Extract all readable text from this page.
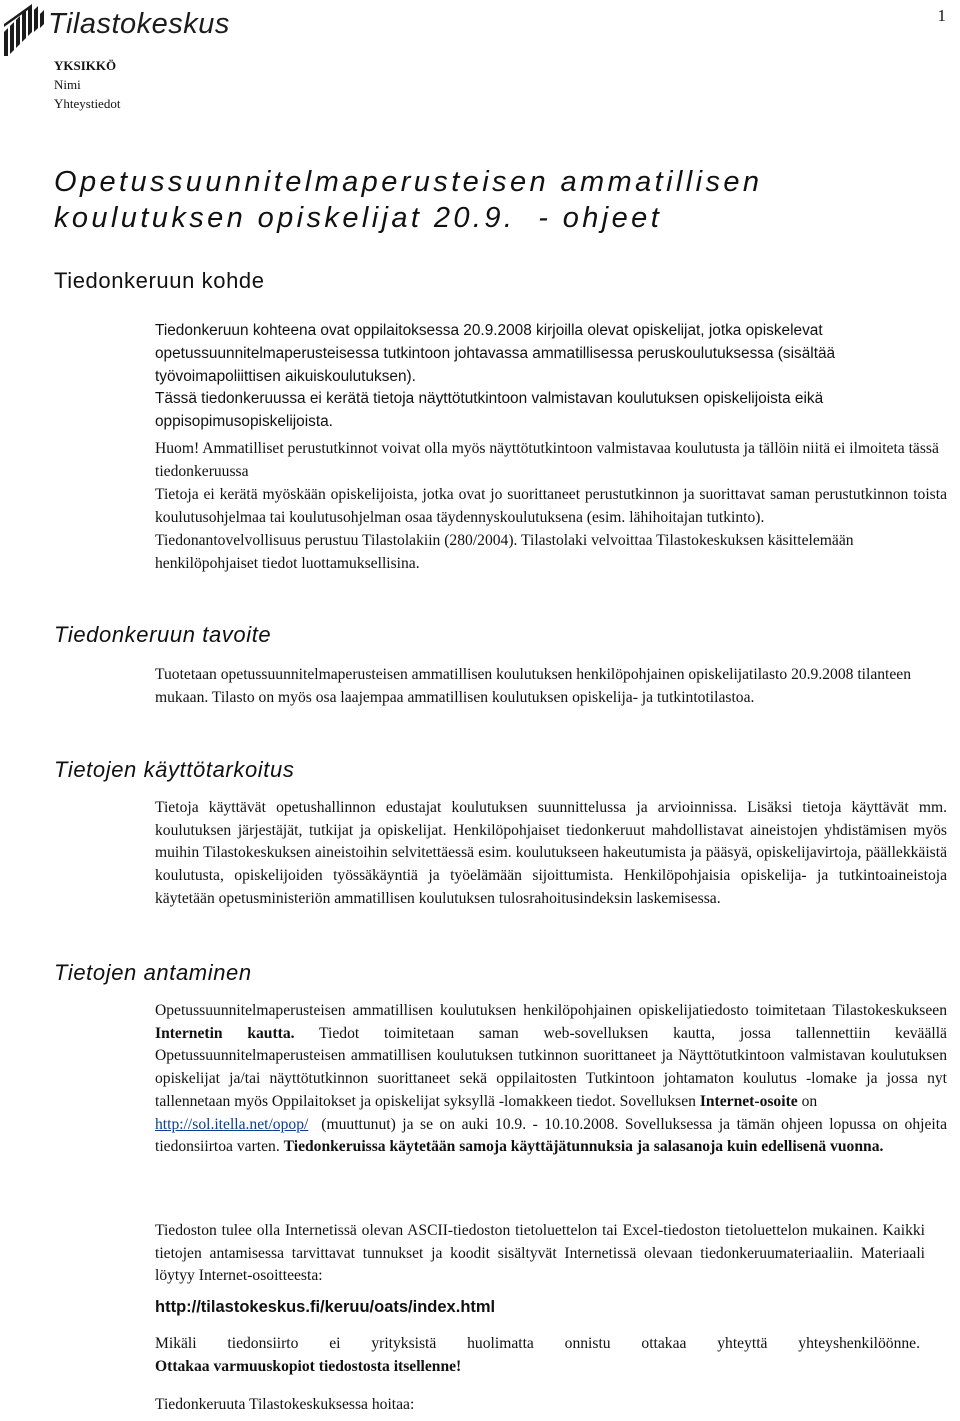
Tilastokeskus	1
YKSIKKÖ
Nimi
Yhteystiedot
Opetussuunnitelmaperusteisen ammatillisen
koulutuksen opiskelijat 20.9.  - ohjeet
Tiedonkeruun kohde

Tiedonkeruun kohteena ovat oppilaitoksessa 20.9.2008 kirjoilla olevat opiskelijat, jotka opiskelevat opetussuunnitelmaperusteisessa tutkintoon johtavassa ammatillisessa peruskoulutuksessa (sisältää työvoimapoliittisen aikuiskoulutuksen).

Tässä tiedonkeruussa ei kerätä tietoja näyttötutkintoon valmistavan koulutuksen opiskelijoista eikä oppisopimusopiskelijoista.

Huom! Ammatilliset perustutkinnot voivat olla myös näyttötutkintoon valmistavaa koulutusta ja tällöin niitä ei ilmoiteta tässä tiedonkeruussa

Tietoja ei kerätä myöskään opiskelijoista, jotka ovat jo suorittaneet perustutkinnon ja suorittavat saman perustutkinnon toista koulutusohjelmaa tai koulutusohjelman osaa täydennyskoulutuksena (esim. lähihoitajan tutkinto).

Tiedonantovelvollisuus perustuu Tilastolakiin (280/2004). Tilastolaki velvoittaa Tilastokeskuksen käsittelemään henkilöpohjaiset tiedot luottamuksellisina.

Tiedonkeruun tavoite

Tuotetaan opetussuunnitelmaperusteisen ammatillisen koulutuksen henkilöpohjainen opiskelijatilasto 20.9.2008 tilanteen mukaan. Tilasto on myös osa laajempaa ammatillisen koulutuksen opiskelija- ja tutkintotilastoa.

Tietojen käyttötarkoitus

Tietoja käyttävät opetushallinnon edustajat koulutuksen suunnittelussa ja arvioinnissa. Lisäksi tietoja käyttävät mm. koulutuksen järjestäjät, tutkijat ja opiskelijat. Henkilöpohjaiset tiedonkeruut mahdollistavat aineistojen yhdistämisen myös muihin Tilastokeskuksen aineistoihin selvitettäessä esim. koulutukseen hakeutumista ja pääsyä, opiskelijavirtoja, päällekkäistä koulutusta, opiskelijoiden työssäkäyntiä ja työelämään sijoittumista. Henkilöpohjaisia opiskelija- ja tutkintoaineistoja käytetään opetusministeriön ammatillisen koulutuksen tulosrahoitusindeksin laskemisessa.

Tietojen antaminen

Opetussuunnitelmaperusteisen ammatillisen koulutuksen henkilöpohjainen opiskelijatiedosto toimitetaan Tilastokeskukseen Internetin kautta. Tiedot toimitetaan saman web-sovelluksen kautta, jossa tallennettiin keväällä Opetussuunnitelmaperusteisen ammatillisen koulutuksen tutkinnon suorittaneet ja Näyttötutkintoon valmistavan koulutuksen opiskelijat ja/tai näyttötutkinnon suorittaneet sekä oppilaitosten Tutkintoon johtamaton koulutus -lomake ja jossa nyt tallennetaan myös Oppilaitokset ja opiskelijat syksyllä -lomakkeen tiedot. Sovelluksen Internet-osoite on
http://sol.itella.net/opop/  (muuttunut) ja se on auki 10.9. - 10.10.2008. Sovelluksessa ja tämän ohjeen lopussa on ohjeita tiedonsiirtoa varten. Tiedonkeruissa käytetään samoja käyttäjätunnuksia ja salasanoja kuin edellisenä vuonna.

Tiedoston tulee olla Internetissä olevan ASCII-tiedoston tietoluettelon tai Excel-tiedoston tietoluettelon mukainen. Kaikki tietojen antamisessa tarvittavat tunnukset ja koodit sisältyvät Internetissä olevaan tiedonkeruumateriaaliin. Materiaali löytyy Internet-osoitteesta:

http://tilastokeskus.fi/keruu/oats/index.html

Mikäli tiedonsiirto ei yrityksistä huolimatta onnistu ottakaa yhteyttä yhteyshenkilöönne.

Ottakaa varmuuskopiot tiedostosta itsellenne!

Tiedonkeruuta Tilastokeskuksessa hoitaa:
